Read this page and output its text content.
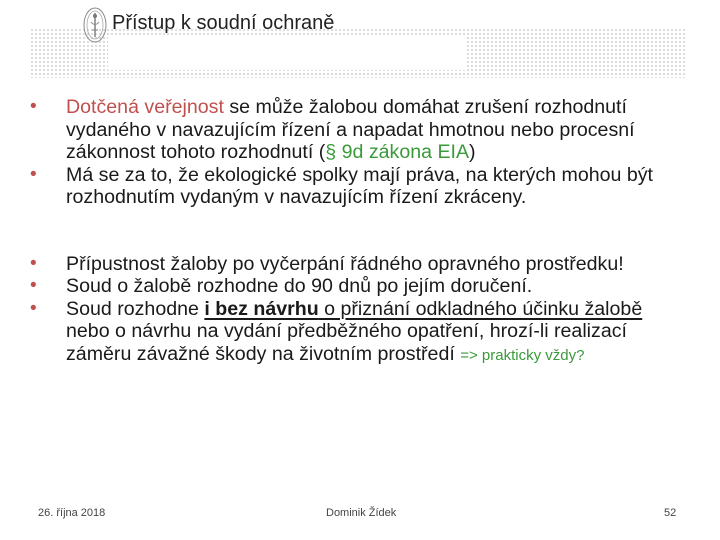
Přístup k soudní ochraně
•	Dotčená veřejnost se může žalobou domáhat zrušení rozhodnutí vydaného v navazujícím řízení a napadat hmotnou nebo procesní zákonnost tohoto rozhodnutí (§ 9d zákona EIA)
•	Má se za to, že ekologické spolky mají práva, na kterých mohou být rozhodnutím vydaným v navazujícím řízení zkráceny.
•	Přípustnost žaloby po vyčerpání řádného opravného prostředku!
•	Soud o žalobě rozhodne do 90 dnů po jejím doručení.
•	Soud rozhodne i bez návrhu o přiznání odkladného účinku žalobě nebo o návrhu na vydání předběžného opatření, hrozí-li realizací záměru závažné škody na životním prostředí => prakticky vždy?
26. října 2018	Dominik Žídek	52
